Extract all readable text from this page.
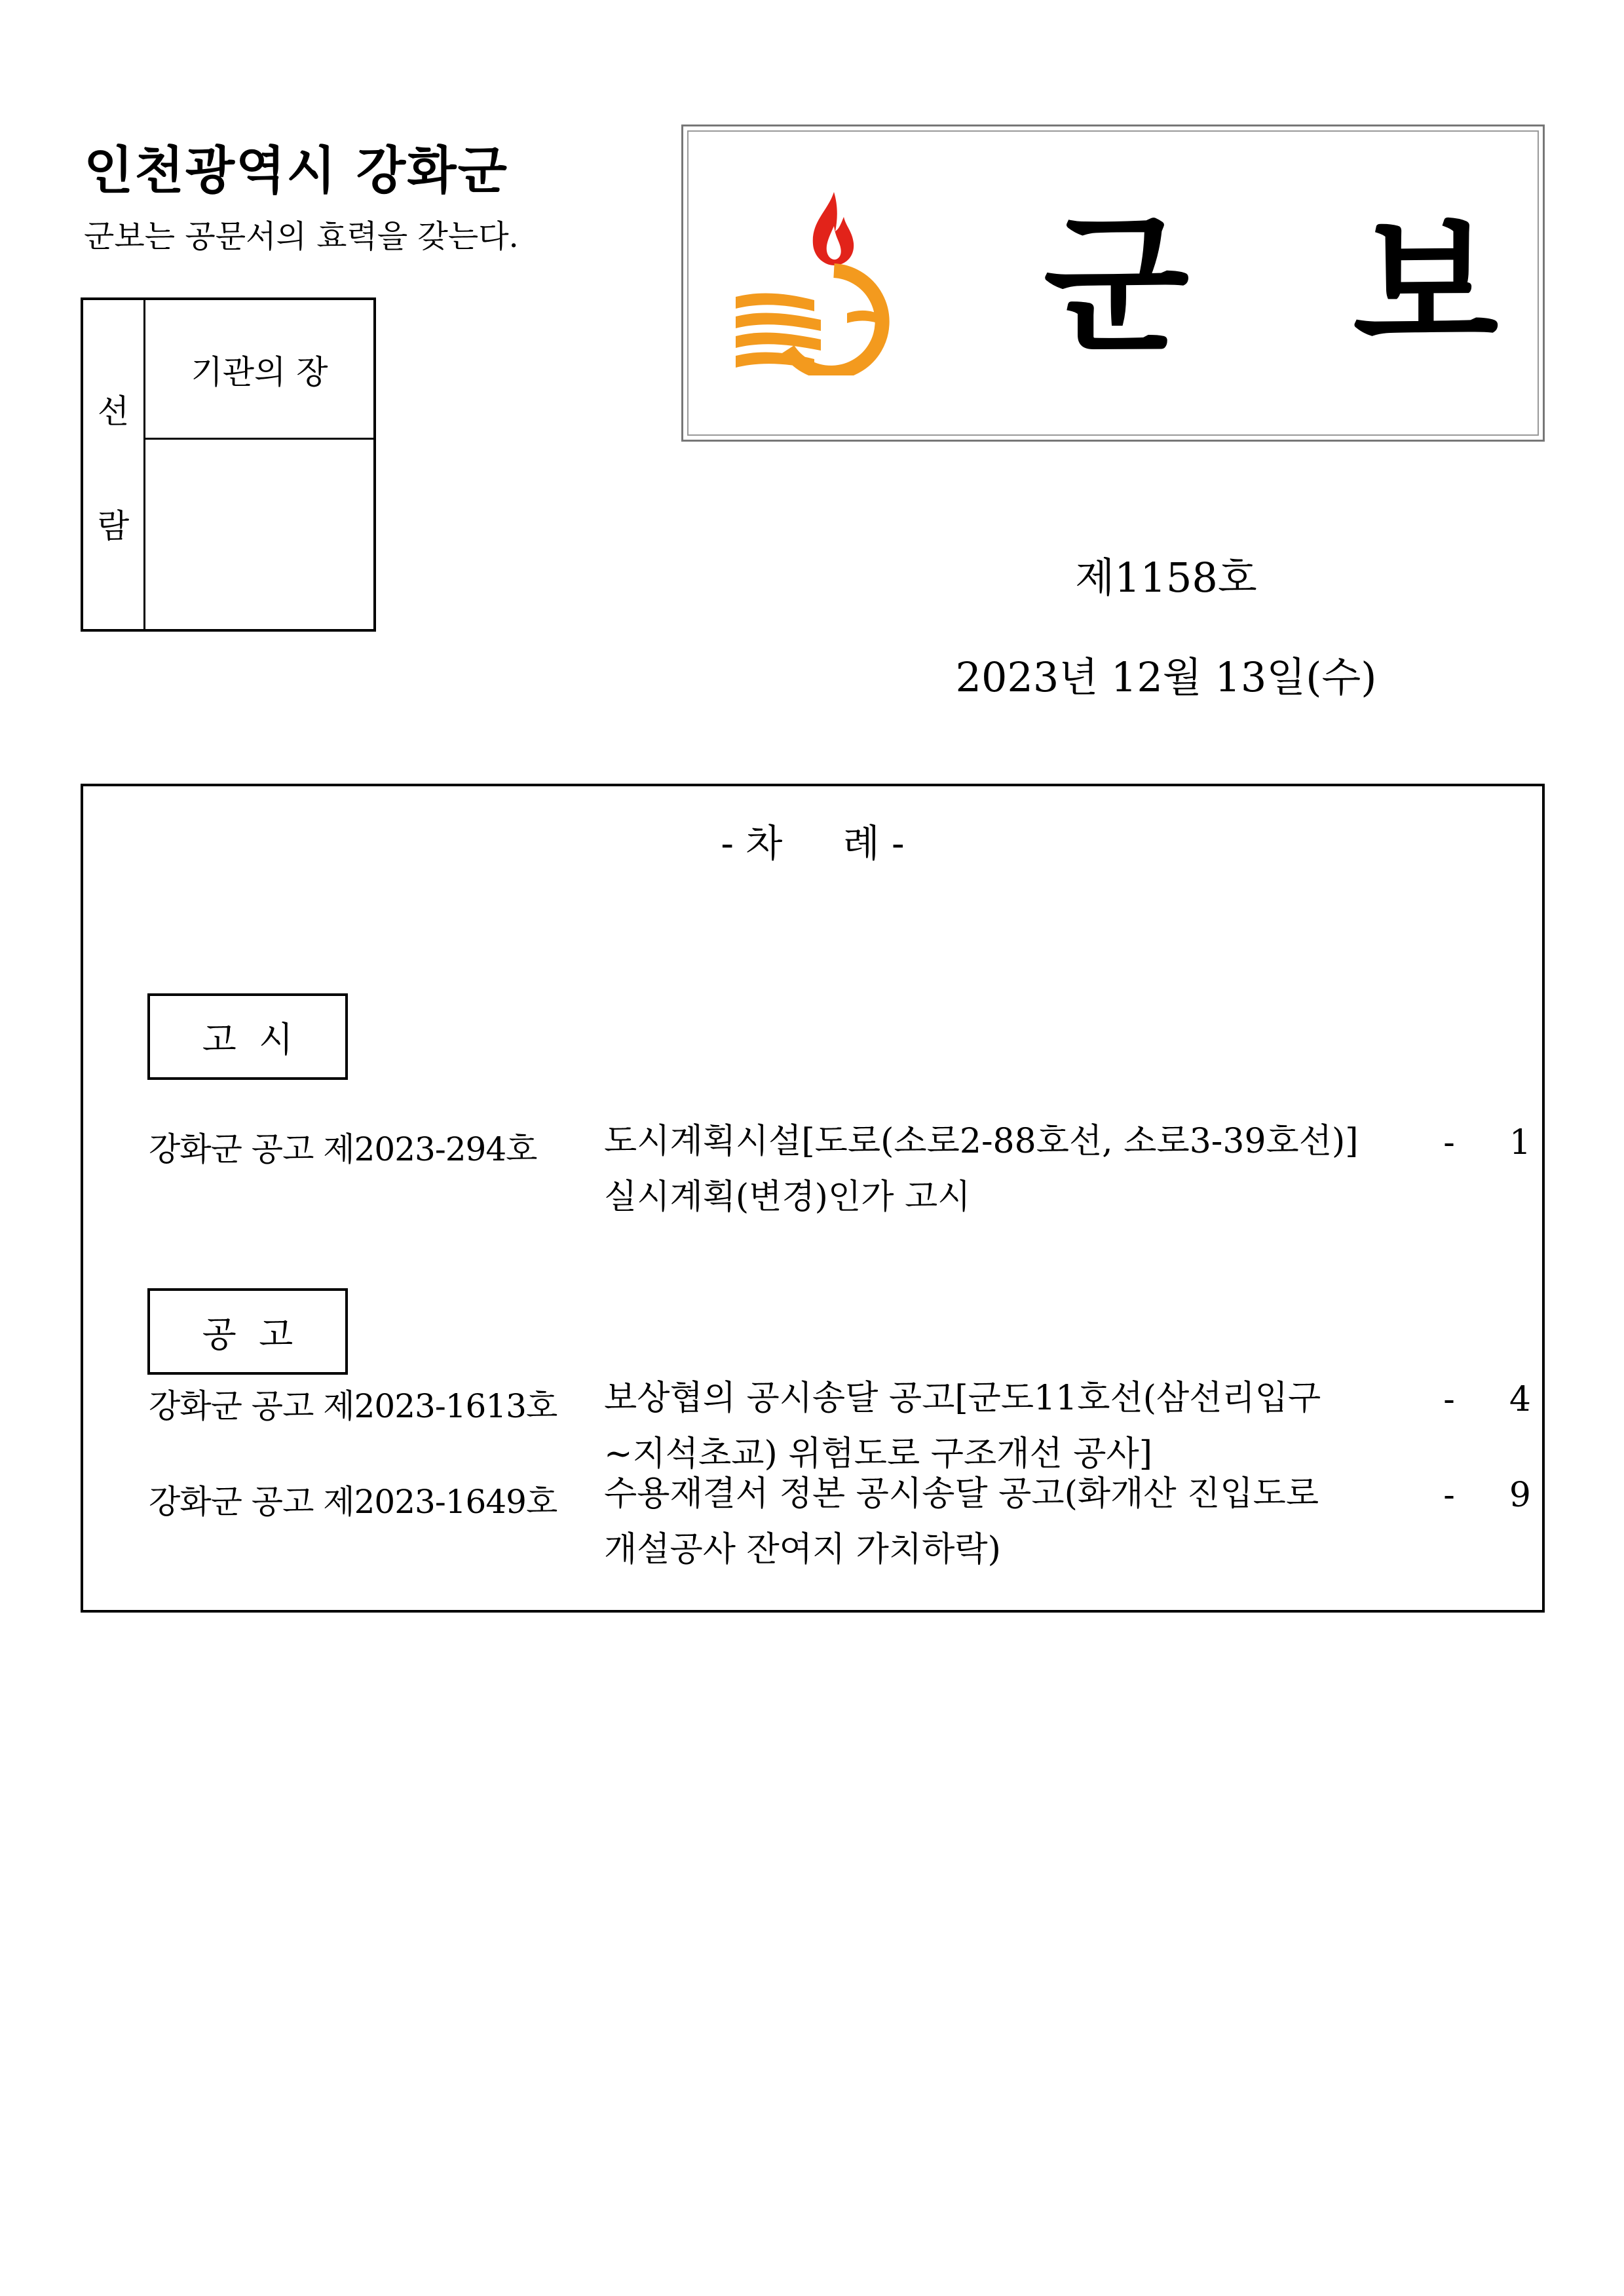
인천광역시 강화군
군보는 공문서의 효력을 갖는다.
선
람
기관의 장	군 보
제1158호
2023년 12월 13일(수)
- 차     례 -
고  시
강화군 공고 제2023-294호 도시계획시설[도로(소로2-88호선, 소로3-39호선)]
실시계획(변경)인가 고시
-	1
공  고
강화군 공고 제2023-1613호 보상협의 공시송달 공고[군도11호선(삼선리입구
~지석초교) 위험도로 구조개선 공사]
-	4
강화군 공고 제2023-1649호 수용재결서 정본 공시송달 공고(화개산 진입도로
개설공사 잔여지 가치하락)
-	9
